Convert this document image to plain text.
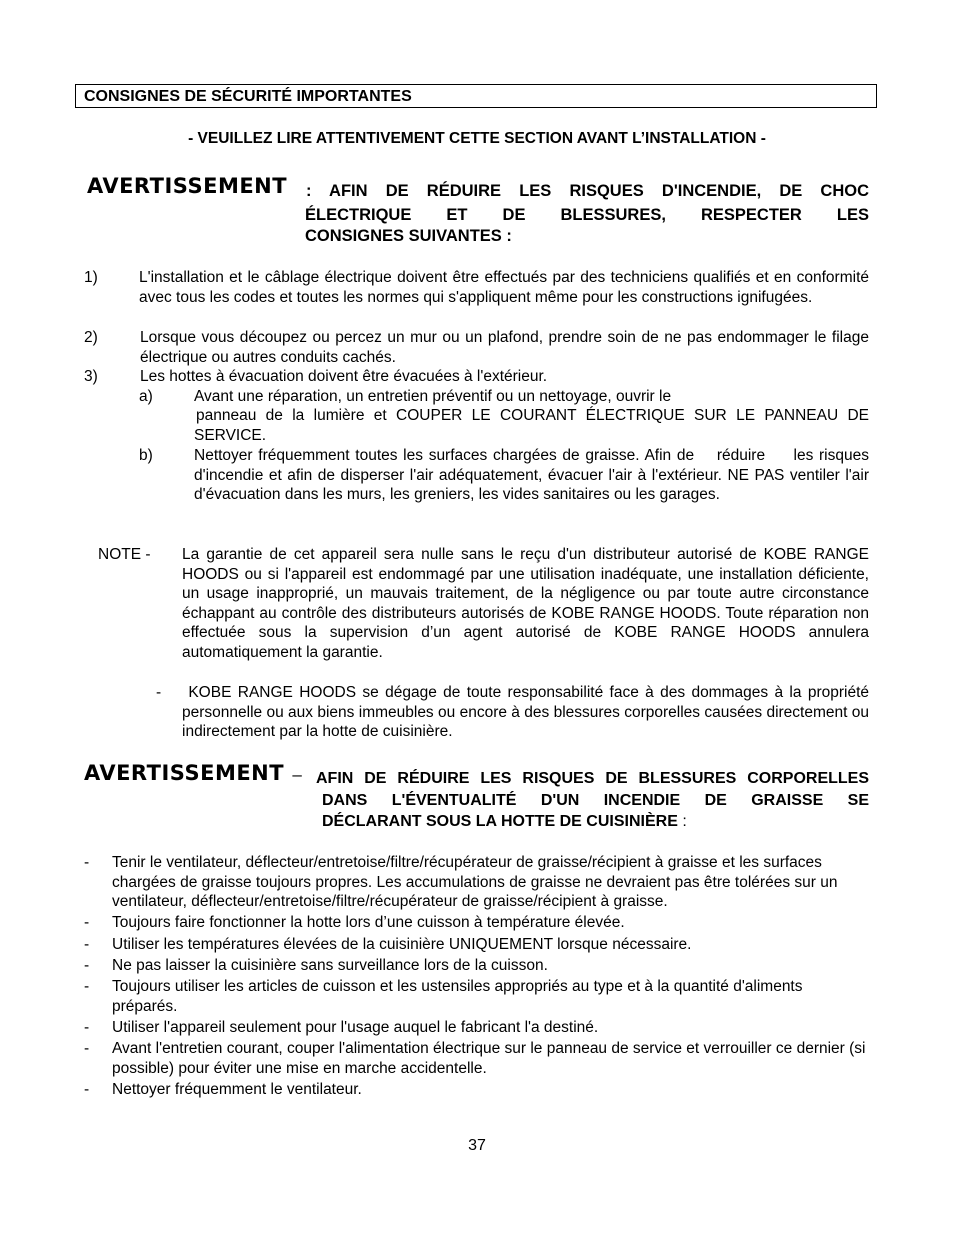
CONSIGNES DE SÉCURITÉ IMPORTANTES
- VEUILLEZ LIRE ATTENTIVEMENT CETTE SECTION AVANT L’INSTALLATION -
AVERTISSEMENT : AFIN DE RÉDUIRE LES RISQUES D'INCENDIE, DE CHOC
ÉLECTRIQUE ET DE BLESSURES, RESPECTER LES
CONSIGNES SUIVANTES :
1)	L'installation et le câblage électrique doivent être effectués par des techniciens qualifiés et en conformité avec tous les codes et toutes les normes qui s'appliquent même pour les constructions ignifugées.
2)	Lorsque vous découpez ou percez un mur ou un plafond, prendre soin de ne pas endommager le filage électrique ou autres conduits cachés.
3)	Les hottes à évacuation doivent être évacuées à l'extérieur.
a)	Avant une réparation, un entretien préventif ou un nettoyage, ouvrir le
panneau de la lumière et COUPER LE COURANT ÉLECTRIQUE SUR LE PANNEAU DE SERVICE.
b)	Nettoyer fréquemment toutes les surfaces chargées de graisse. Afin de    réduire     les risques d'incendie et afin de disperser l'air adéquatement, évacuer l'air à l'extérieur. NE PAS ventiler l'air d'évacuation dans les murs, les greniers, les vides sanitaires ou les garages.
NOTE - La garantie de cet appareil sera nulle sans le reçu d'un distributeur autorisé de KOBE RANGE HOODS ou si l'appareil est endommagé par une utilisation inadéquate, une installation déficiente, un usage inapproprié, un mauvais traitement, de la négligence ou par toute autre circonstance échappant au contrôle des distributeurs autorisés de KOBE RANGE HOODS. Toute réparation non effectuée sous la supervision d’un agent autorisé de KOBE RANGE HOODS annulera automatiquement la garantie.
- KOBE RANGE HOODS se dégage de toute responsabilité face à des dommages à la propriété personnelle ou aux biens immeubles ou encore à des blessures corporelles causées directement ou indirectement par la hotte de cuisinière.
AVERTISSEMENT – AFIN DE RÉDUIRE LES RISQUES DE BLESSURES CORPORELLES
DANS L'ÉVENTUALITÉ D'UN INCENDIE DE GRAISSE SE
DÉCLARANT SOUS LA HOTTE DE CUISINIÈRE :
- Tenir le ventilateur, déflecteur/entretoise/filtre/récupérateur de graisse/récipient à graisse et les surfaces chargées de graisse toujours propres. Les accumulations de graisse ne devraient pas être tolérées sur un ventilateur, déflecteur/entretoise/filtre/récupérateur de graisse/récipient à graisse.
- Toujours faire fonctionner la hotte lors d’une cuisson à température élevée.
- Utiliser les températures élevées de la cuisinière UNIQUEMENT lorsque nécessaire.
- Ne pas laisser la cuisinière sans surveillance lors de la cuisson.
- Toujours utiliser les articles de cuisson et les ustensiles appropriés au type et à la quantité d'aliments préparés.
- Utiliser l'appareil seulement pour l'usage auquel le fabricant l'a destiné.
- Avant l'entretien courant, couper l'alimentation électrique sur le panneau de service et verrouiller ce dernier (si possible) pour éviter une mise en marche accidentelle.
- Nettoyer fréquemment le ventilateur.
37
